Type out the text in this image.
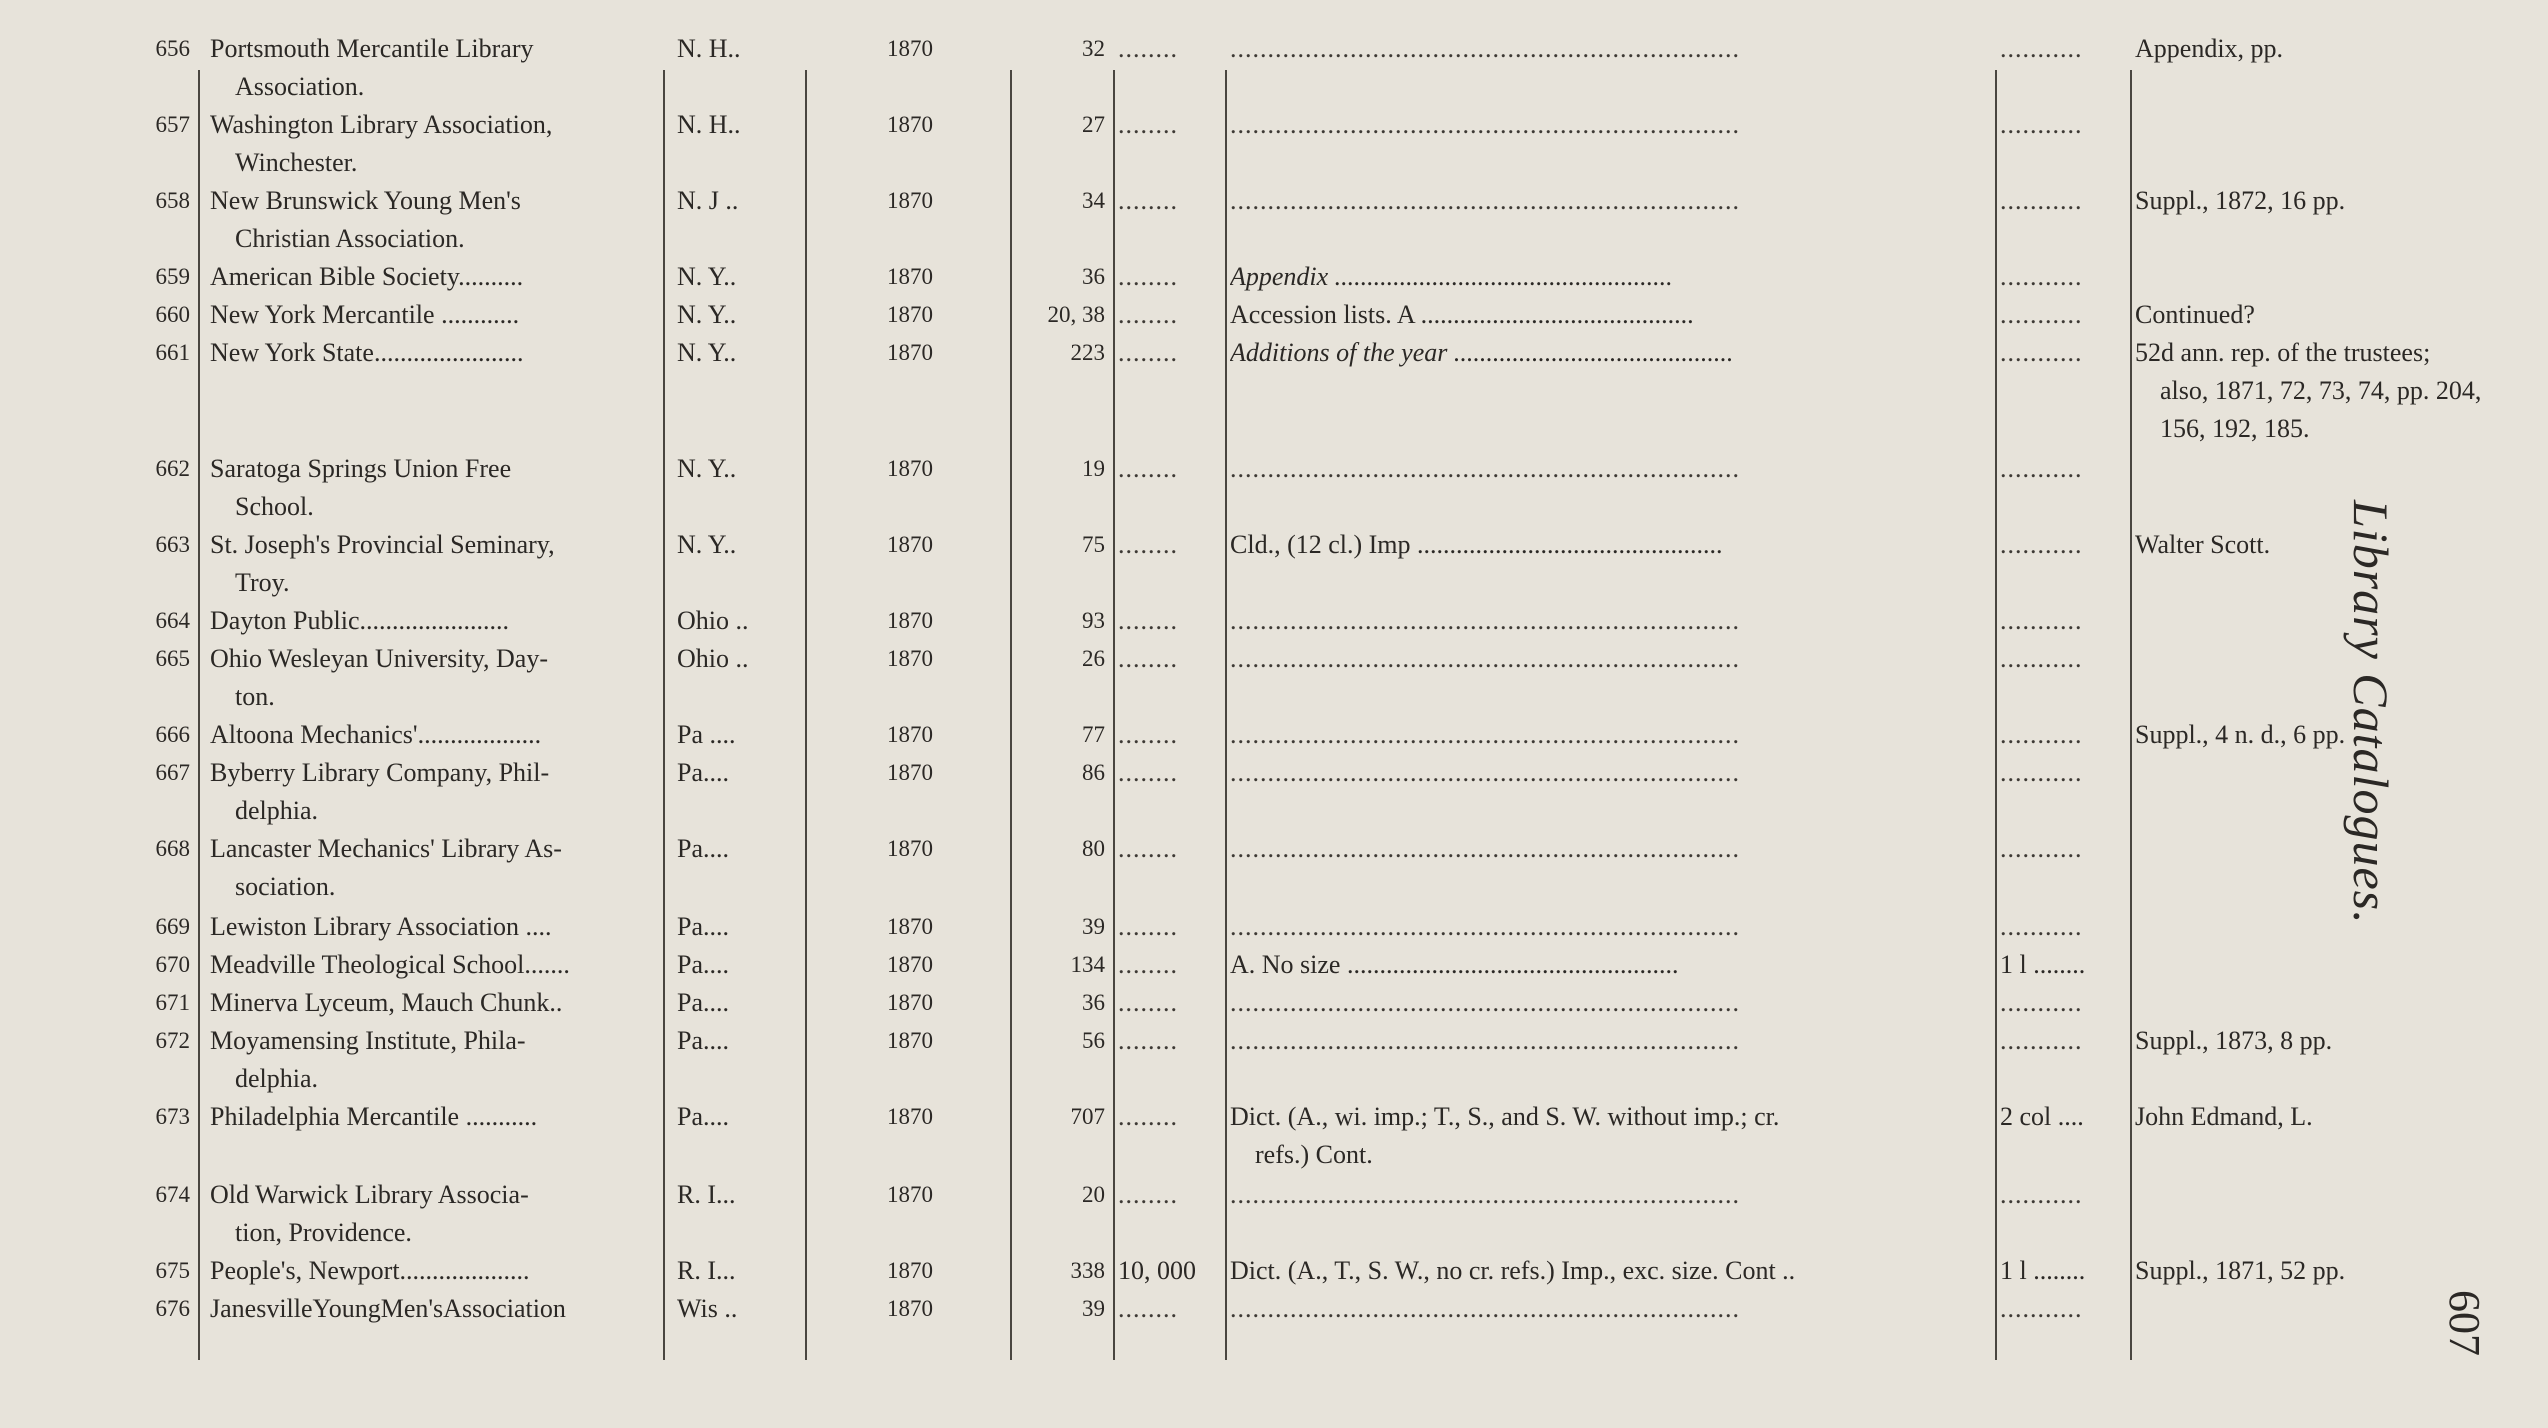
656 Portsmouth Mercantile Library	N. H..	1870	32 ........	....................................................................	...........	Appendix, pp.
Association.
657 Washington Library Association,	N. H..	1870	27 ........	....................................................................	...........
Winchester.
658 New Brunswick Young Men's	N. J ..	1870	34 ........	....................................................................	...........	Suppl., 1872, 16 pp.
Christian Association.
659 American Bible Society..........	N. Y..	1870	36 ........	Appendix ....................................................	...........
660 New York Mercantile ............	N. Y..	1870	20, 38 ........	Accession lists. A ..........................................	...........	Continued?
661 New York State.......................	N. Y..	1870	223 ........	Additions of the year ...........................................	...........	52d ann. rep. of the trustees;
also, 1871, 72, 73, 74, pp. 204,
156, 192, 185.
662 Saratoga Springs Union Free	N. Y..	1870	19 ........	....................................................................	...........
School.
663 St. Joseph's Provincial Seminary,	N. Y..	1870	75 ........	Cld., (12 cl.) Imp ...............................................	...........	Walter Scott.
Troy.
664 Dayton Public.......................	Ohio ..	1870	93 ........	....................................................................	...........
665 Ohio Wesleyan University, Day-	Ohio ..	1870	26 ........	....................................................................	...........
ton.
666 Altoona Mechanics'...................	Pa ....	1870	77 ........	....................................................................	...........	Suppl., 4 n. d., 6 pp.
667 Byberry Library Company, Phil-	Pa....	1870	86 ........	....................................................................	...........
delphia.
668 Lancaster Mechanics' Library As-	Pa....	1870	80 ........	....................................................................	...........
sociation.
669 Lewiston Library Association ....	Pa....	1870	39 ........	....................................................................	...........
670 Meadville Theological School.......	Pa....	1870	134 ........	A. No size ...................................................	1 l ........
671 Minerva Lyceum, Mauch Chunk..	Pa....	1870	36 ........	....................................................................	...........
672 Moyamensing Institute, Phila-	Pa....	1870	56 ........	....................................................................	...........	Suppl., 1873, 8 pp.
delphia.
673 Philadelphia Mercantile ...........	Pa....	1870	707 ........	Dict. (A., wi. imp.; T., S., and S. W. without imp.; cr.	2 col ....	John Edmand, L.
refs.) Cont.
674 Old Warwick Library Associa-	R. I...	1870	20 ........	....................................................................	...........
tion, Providence.
675 People's, Newport....................	R. I...	1870	338 10, 000	Dict. (A., T., S. W., no cr. refs.) Imp., exc. size. Cont ..	1 l ........	Suppl., 1871, 52 pp.
676 JanesvilleYoungMen'sAssociation	Wis ..	1870	39 ........	....................................................................	...........
Library Catalogues.
607
